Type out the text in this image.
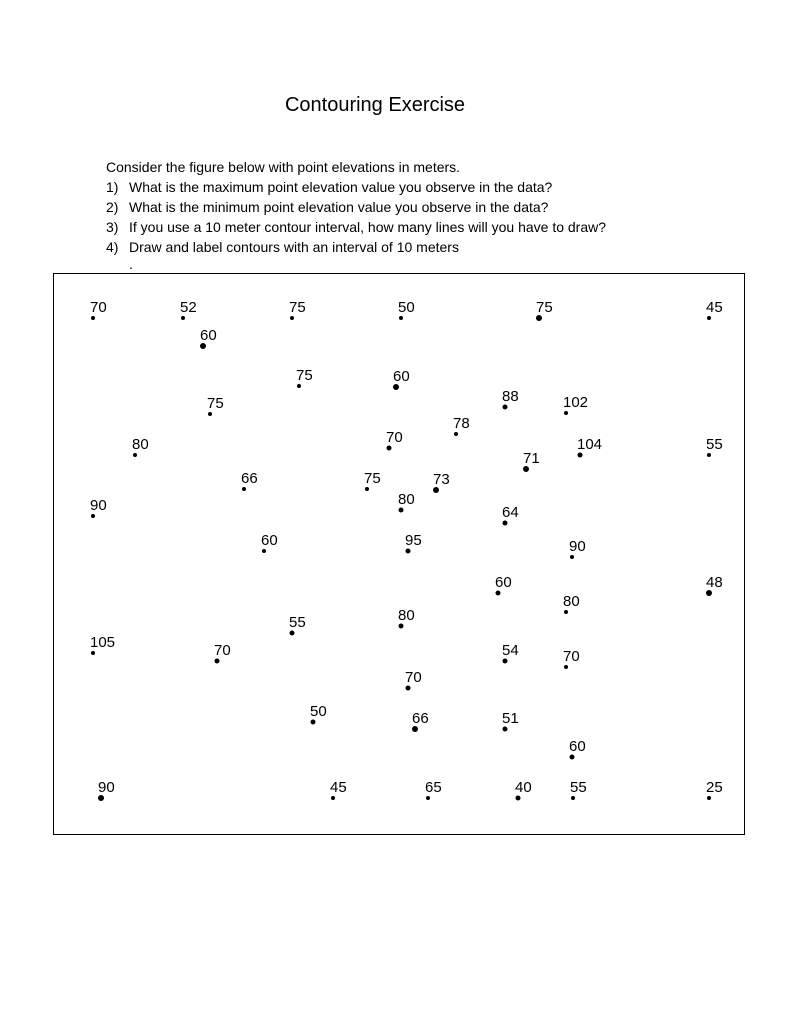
Contouring Exercise
Consider the figure below with point elevations in meters.
1) What is the maximum point elevation value you observe in the data?
2) What is the minimum point elevation value you observe in the data?
3) If you use a 10 meter contour interval, how many lines will you have to draw?
4) Draw and label contours with an interval of 10 meters
.
70	52	75	50	75	45
60
75	60
88	102
75
78
80	70	104	55
71
66	75	73
80
90	64
60	95	90
60	48
80
80
55
105	70	54	70
70
50	66	51
60
90	45	65	40	55	25
